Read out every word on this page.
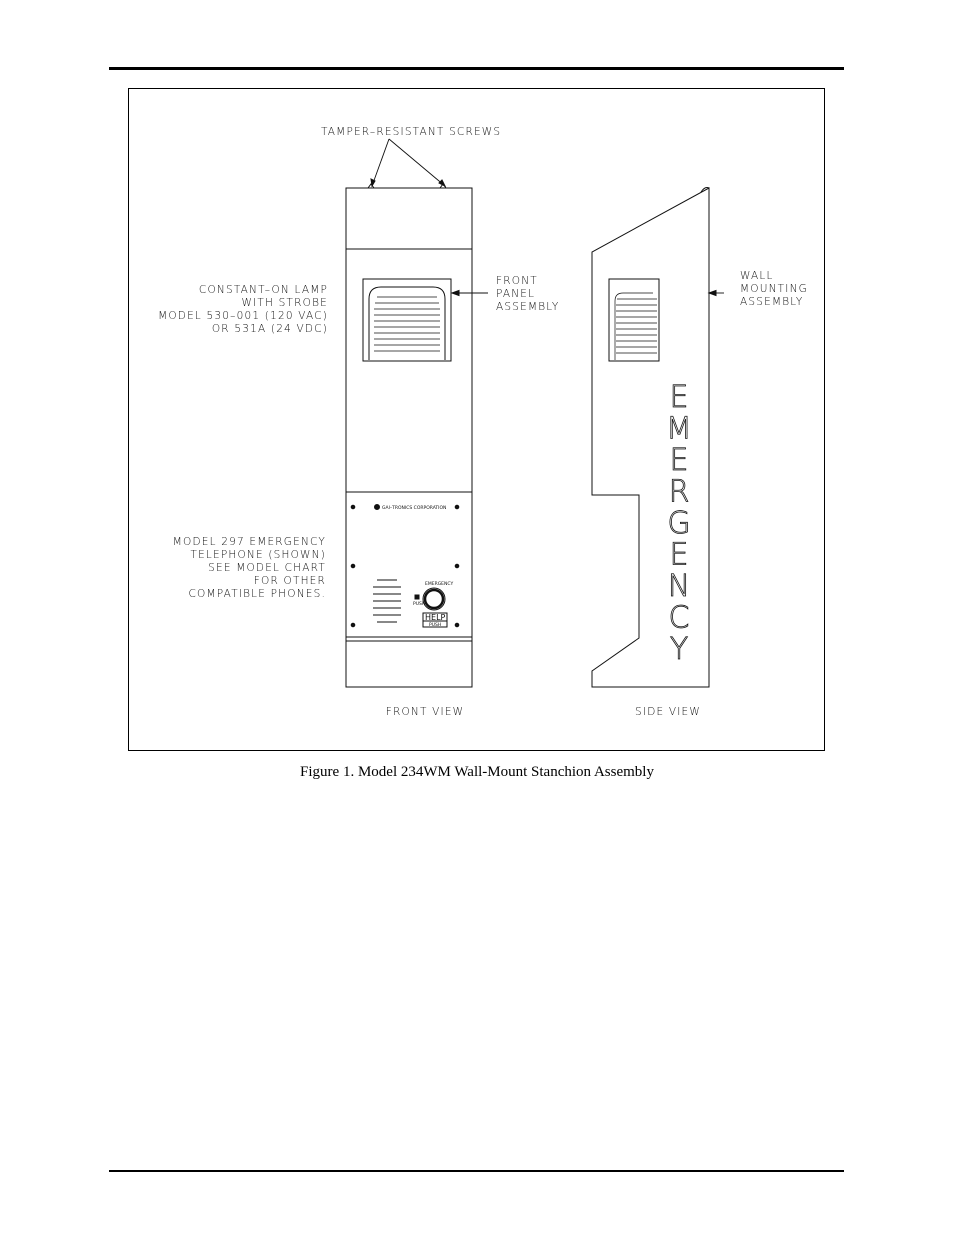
TAMPER–RESISTANT SCREWS
CONSTANT–ON LAMP
WITH STROBE
MODEL 530–001 (120 VAC)
OR 531A (24 VDC)
FRONT
PANEL
ASSEMBLY
WALL
MOUNTING
ASSEMBLY
MODEL 297 EMERGENCY
TELEPHONE (SHOWN)
SEE MODEL CHART
FOR OTHER
COMPATIBLE PHONES.
FRONT VIEW	SIDE VIEW
GAI–TRONICS CORPORATION
EMERGENCY
PUSH
HELP
PUSH
E M E R G E N C Y
Figure 1. Model 234WM Wall-Mount Stanchion Assembly
